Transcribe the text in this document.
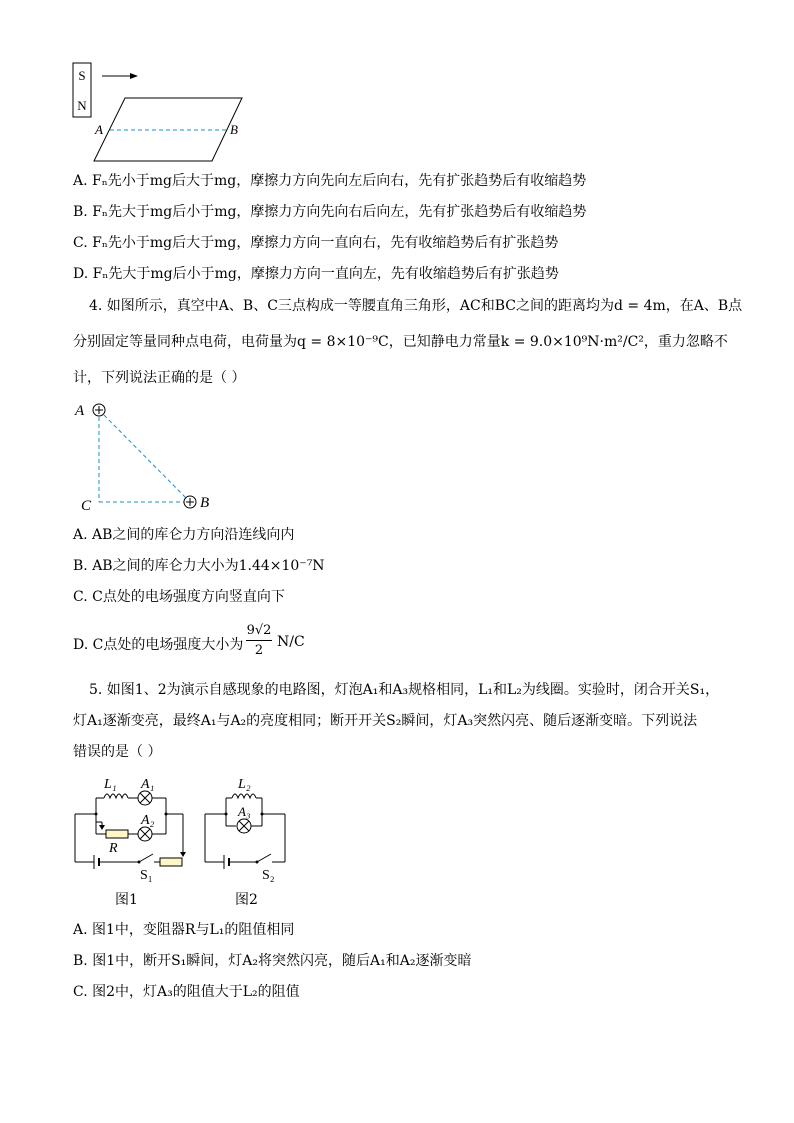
S
N
A	B
A. Fₙ先小于mg后大于mg，摩擦力方向先向左后向右，先有扩张趋势后有收缩趋势
B. Fₙ先大于mg后小于mg，摩擦力方向先向右后向左，先有扩张趋势后有收缩趋势
C. Fₙ先小于mg后大于mg，摩擦力方向一直向右，先有收缩趋势后有扩张趋势
D. Fₙ先大于mg后小于mg，摩擦力方向一直向左，先有收缩趋势后有扩张趋势
4. 如图所示，真空中A、B、C三点构成一等腰直角三角形，AC和BC之间的距离均为d = 4m，在A、B点
分别固定等量同种点电荷，电荷量为q = 8×10⁻⁹C，已知静电力常量k = 9.0×10⁹N·m²/C²，重力忽略不
计，下列说法正确的是（ ）
A
B
C
A. AB之间的库仑力方向沿连线向内
B. AB之间的库仑力大小为1.44×10⁻⁷N
C. C点处的电场强度方向竖直向下
D. C点处的电场强度大小为
9√2
2
N/C
5. 如图1、2为演示自感现象的电路图，灯泡A₁和A₃规格相同，L₁和L₂为线圈。实验时，闭合开关S₁，
灯A₁逐渐变亮，最终A₁与A₂的亮度相同；断开开关S₂瞬间，灯A₃突然闪亮、随后逐渐变暗。下列说法
错误的是（ ）
L₁ A₁
A₂
R
S₁
图1
L₂
A₃
S₂
图2
A. 图1中，变阻器R与L₁的阻值相同
B. 图1中，断开S₁瞬间，灯A₂将突然闪亮，随后A₁和A₂逐渐变暗
C. 图2中，灯A₃的阻值大于L₂的阻值
